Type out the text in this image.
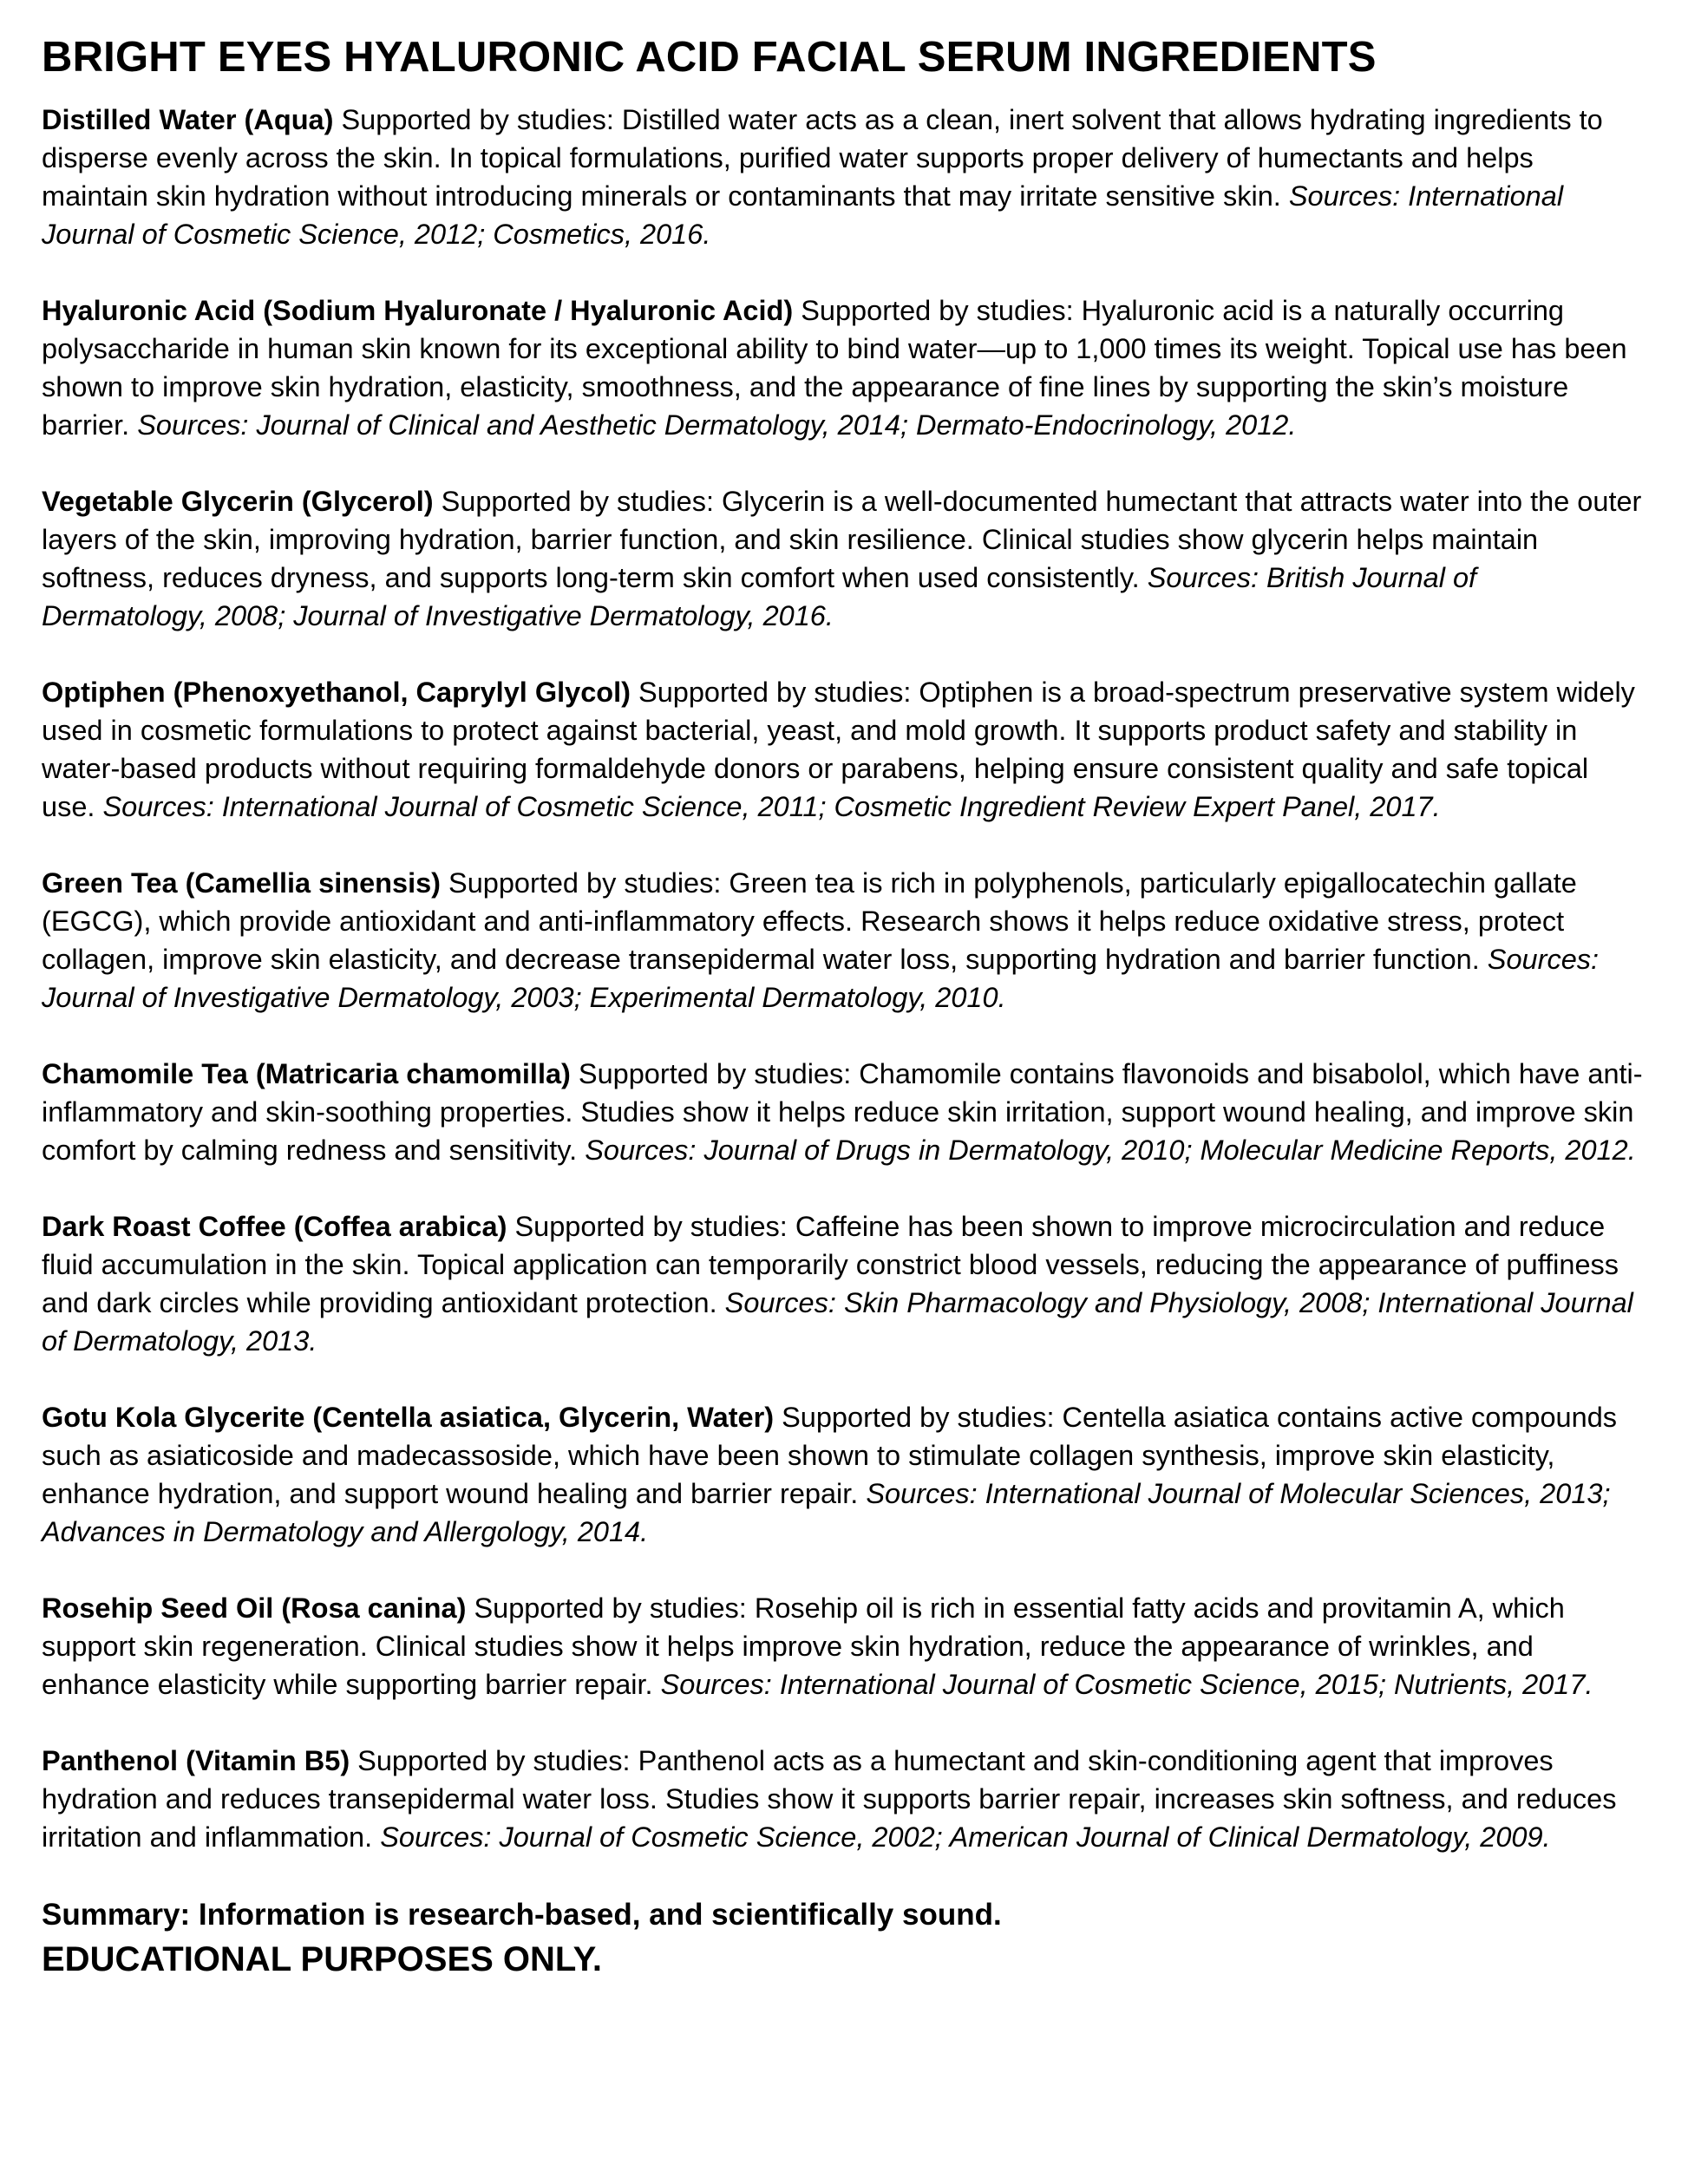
BRIGHT EYES HYALURONIC ACID FACIAL SERUM INGREDIENTS

Distilled Water (Aqua) Supported by studies: Distilled water acts as a clean, inert solvent that allows hydrating ingredients to disperse evenly across the skin. In topical formulations, purified water supports proper delivery of humectants and helps maintain skin hydration without introducing minerals or contaminants that may irritate sensitive skin. Sources: International Journal of Cosmetic Science, 2012; Cosmetics, 2016.

Hyaluronic Acid (Sodium Hyaluronate / Hyaluronic Acid) Supported by studies: Hyaluronic acid is a naturally occurring polysaccharide in human skin known for its exceptional ability to bind water—up to 1,000 times its weight. Topical use has been shown to improve skin hydration, elasticity, smoothness, and the appearance of fine lines by supporting the skin’s moisture barrier. Sources: Journal of Clinical and Aesthetic Dermatology, 2014; Dermato-Endocrinology, 2012.

Vegetable Glycerin (Glycerol) Supported by studies: Glycerin is a well-documented humectant that attracts water into the outer layers of the skin, improving hydration, barrier function, and skin resilience. Clinical studies show glycerin helps maintain softness, reduces dryness, and supports long-term skin comfort when used consistently. Sources: British Journal of Dermatology, 2008; Journal of Investigative Dermatology, 2016.

Optiphen (Phenoxyethanol, Caprylyl Glycol) Supported by studies: Optiphen is a broad-spectrum preservative system widely used in cosmetic formulations to protect against bacterial, yeast, and mold growth. It supports product safety and stability in water-based products without requiring formaldehyde donors or parabens, helping ensure consistent quality and safe topical use. Sources: International Journal of Cosmetic Science, 2011; Cosmetic Ingredient Review Expert Panel, 2017.

Green Tea (Camellia sinensis) Supported by studies: Green tea is rich in polyphenols, particularly epigallocatechin gallate (EGCG), which provide antioxidant and anti-inflammatory effects. Research shows it helps reduce oxidative stress, protect collagen, improve skin elasticity, and decrease transepidermal water loss, supporting hydration and barrier function. Sources: Journal of Investigative Dermatology, 2003; Experimental Dermatology, 2010.

Chamomile Tea (Matricaria chamomilla) Supported by studies: Chamomile contains flavonoids and bisabolol, which have anti-inflammatory and skin-soothing properties. Studies show it helps reduce skin irritation, support wound healing, and improve skin comfort by calming redness and sensitivity. Sources: Journal of Drugs in Dermatology, 2010; Molecular Medicine Reports, 2012.

Dark Roast Coffee (Coffea arabica) Supported by studies: Caffeine has been shown to improve microcirculation and reduce fluid accumulation in the skin. Topical application can temporarily constrict blood vessels, reducing the appearance of puffiness and dark circles while providing antioxidant protection. Sources: Skin Pharmacology and Physiology, 2008; International Journal of Dermatology, 2013.

Gotu Kola Glycerite (Centella asiatica, Glycerin, Water) Supported by studies: Centella asiatica contains active compounds such as asiaticoside and madecassoside, which have been shown to stimulate collagen synthesis, improve skin elasticity, enhance hydration, and support wound healing and barrier repair. Sources: International Journal of Molecular Sciences, 2013; Advances in Dermatology and Allergology, 2014.

Rosehip Seed Oil (Rosa canina) Supported by studies: Rosehip oil is rich in essential fatty acids and provitamin A, which support skin regeneration. Clinical studies show it helps improve skin hydration, reduce the appearance of wrinkles, and enhance elasticity while supporting barrier repair. Sources: International Journal of Cosmetic Science, 2015; Nutrients, 2017.

Panthenol (Vitamin B5) Supported by studies: Panthenol acts as a humectant and skin-conditioning agent that improves hydration and reduces transepidermal water loss. Studies show it supports barrier repair, increases skin softness, and reduces irritation and inflammation. Sources: Journal of Cosmetic Science, 2002; American Journal of Clinical Dermatology, 2009.

Summary: Information is research-based, and scientifically sound.

EDUCATIONAL PURPOSES ONLY.
